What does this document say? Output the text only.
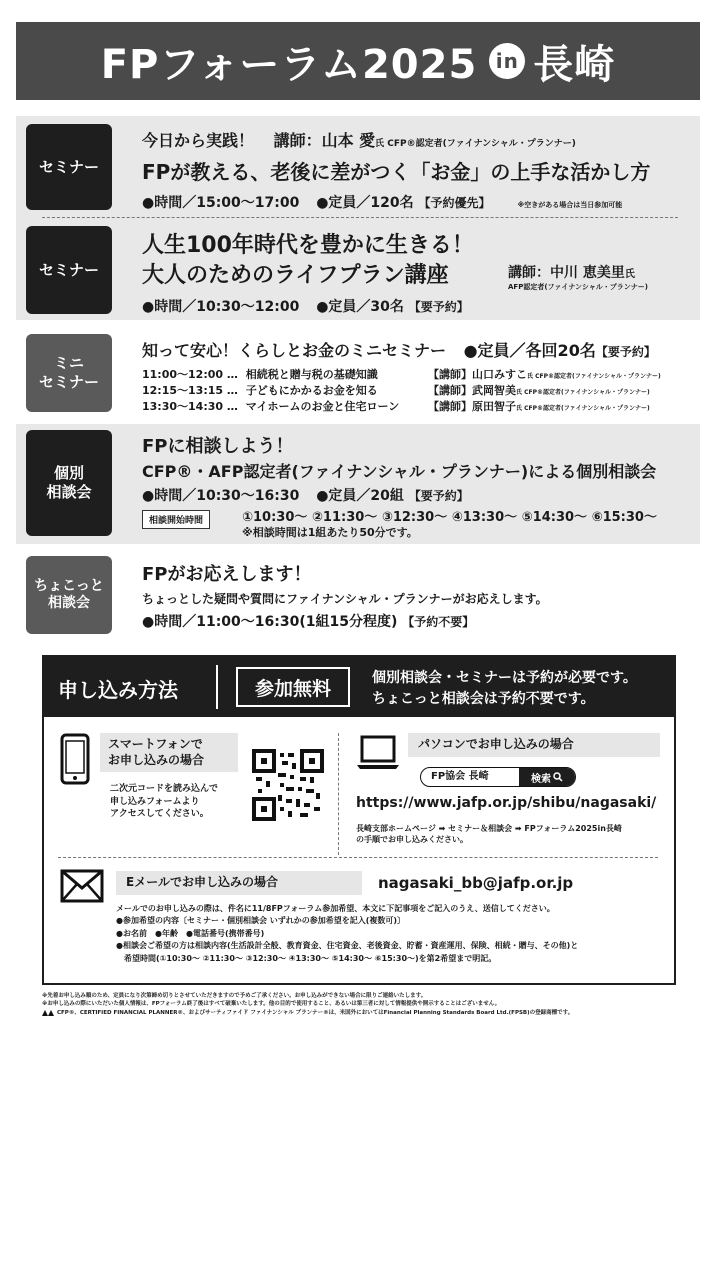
FPフォーラム2025 in 長崎
セミナー
今日から実践！ 講師：山本 愛氏 CFP®認定者(ファイナンシャル・プランナー)
FPが教える、老後に差がつく「お金」の上手な活かし方
●時間／15:00〜17:00 ●定員／120名 【予約優先】	※空きがある場合は当日参加可能
セミナー
人生100年時代を豊かに生きる！
大人のためのライフプラン講座	講師：中川 恵美里氏
AFP認定者(ファイナンシャル・プランナー)
●時間／10:30〜12:00 ●定員／30名 【要予約】
ミニ
セミナー
知って安心！くらしとお金のミニセミナー ●定員／各回20名【要予約】
11:00〜12:00 … 相続税と贈与税の基礎知識	【講師】山口みすこ氏 CFP®認定者(ファイナンシャル・プランナー)
12:15〜13:15 … 子どもにかかるお金を知る	【講師】武岡智美氏 CFP®認定者(ファイナンシャル・プランナー)
13:30〜14:30 … マイホームのお金と住宅ローン	【講師】原田智子氏 CFP®認定者(ファイナンシャル・プランナー)
個別
相談会
FPに相談しよう！
CFP®・AFP認定者(ファイナンシャル・プランナー)による個別相談会
●時間／10:30〜16:30 ●定員／20組 【要予約】
相談開始時間	①10:30〜 ②11:30〜 ③12:30〜 ④13:30〜 ⑤14:30〜 ⑥15:30〜
※相談時間は1組あたり50分です。
ちょこっと
相談会
FPがお応えします！
ちょっとした疑問や質問にファイナンシャル・プランナーがお応えします。
●時間／11:00〜16:30(1組15分程度) 【予約不要】
申し込み方法	参加無料	個別相談会・セミナーは予約が必要です。
ちょこっと相談会は予約不要です。
スマートフォンで
お申し込みの場合
二次元コードを読み込んで
申し込みフォームより
アクセスしてください。
パソコンでお申し込みの場合
FP協会 長崎	検索
https://www.jafp.or.jp/shibu/nagasaki/
長崎支部ホームページ ➡ セミナー＆相談会 ➡ FPフォーラム2025in長崎
の手順でお申し込みください。
Eメールでお申し込みの場合	nagasaki_bb@jafp.or.jp
メールでのお申し込みの際は、件名に11/8FPフォーラム参加希望、本文に下記事項をご記入のうえ、送信してください。
●参加希望の内容〔セミナー・個別相談会 いずれかの参加希望を記入(複数可)〕
●お名前　●年齢　●電話番号(携帯番号)
●相談会ご希望の方は相談内容(生活設計全般、教育資金、住宅資金、老後資金、貯蓄・資産運用、保険、相続・贈与、その他)と
　希望時間(①10:30〜 ②11:30〜 ③12:30〜 ④13:30〜 ⑤14:30〜 ⑥15:30〜)を第2希望まで明記。
※先着お申し込み順のため、定員になり次第締め切りとさせていただきますので予めご了承ください。お申し込みができない場合に限りご連絡いたします。
※お申し込みの際にいただいた個人情報は、FPフォーラム終了後はすべて破棄いたします。他の目的で使用すること、あるいは第三者に対して情報提供や開示することはございません。
CFP®、CERTIFIED FINANCIAL PLANNER®、およびサーティファイド ファイナンシャル プランナー®は、米国外においてはFinancial Planning Standards Board Ltd.(FPSB)の登録商標です。
